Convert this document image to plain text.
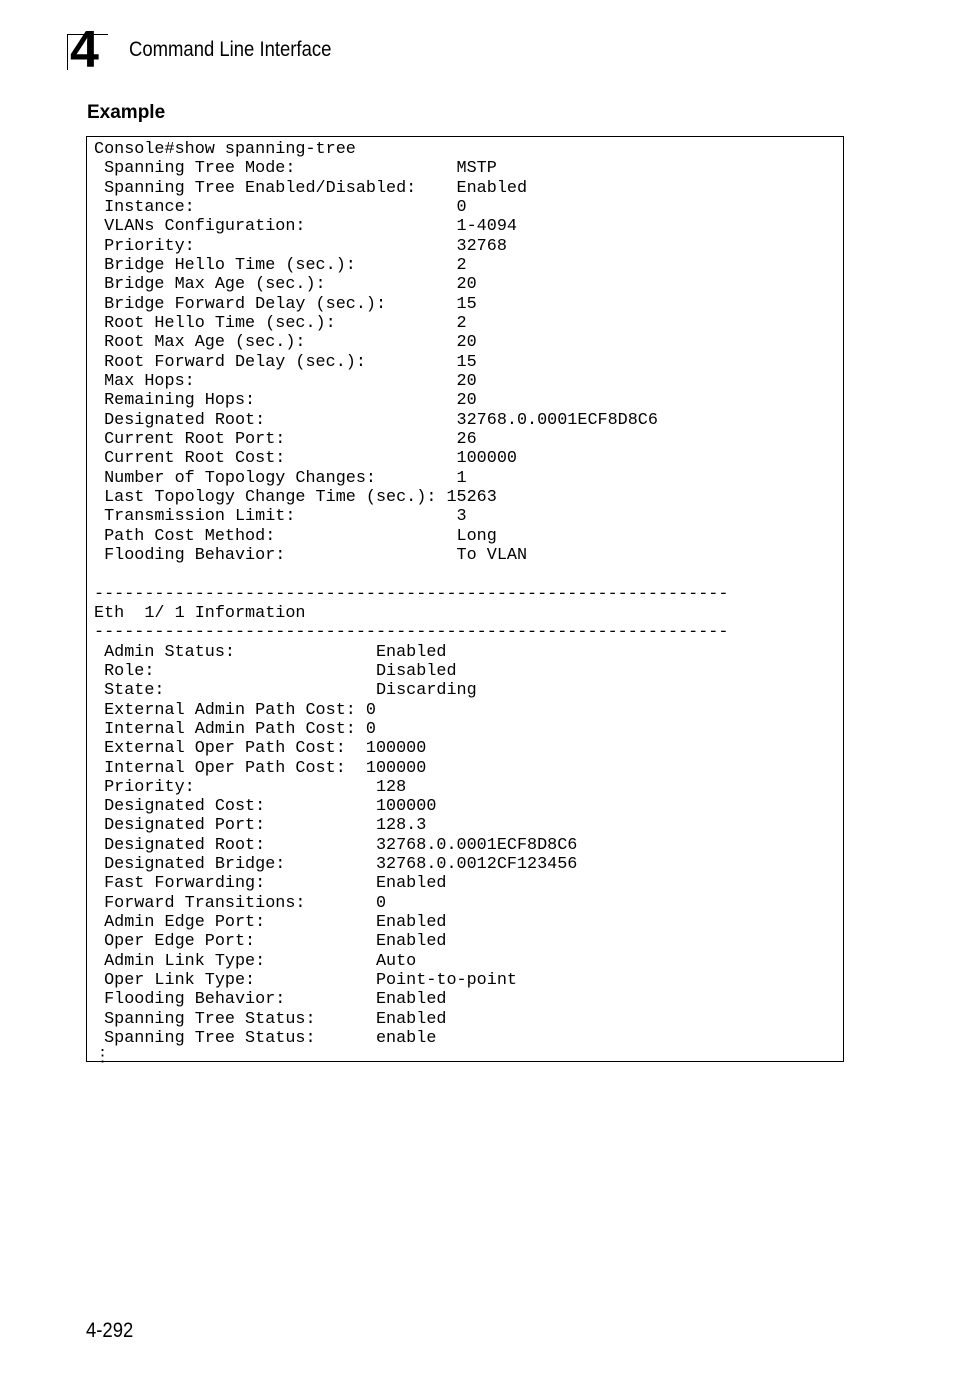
4 Command Line Interface
Example
Console#show spanning-tree
Spanning Tree Mode:                MSTP
Spanning Tree Enabled/Disabled:    Enabled
Instance:                          0
VLANs Configuration:               1-4094
Priority:                          32768
Bridge Hello Time (sec.):          2
Bridge Max Age (sec.):             20
Bridge Forward Delay (sec.):       15
Root Hello Time (sec.):            2
Root Max Age (sec.):               20
Root Forward Delay (sec.):         15
Max Hops:                          20
Remaining Hops:                    20
Designated Root:                   32768.0.0001ECF8D8C6
Current Root Port:                 26
Current Root Cost:                 100000
Number of Topology Changes:        1
Last Topology Change Time (sec.): 15263
Transmission Limit:                3
Path Cost Method:                  Long
Flooding Behavior:                 To VLAN
---------------------------------------------------------------
Eth  1/ 1 Information
---------------------------------------------------------------
Admin Status:              Enabled
Role:                      Disabled
State:                     Discarding
External Admin Path Cost: 0
Internal Admin Path Cost: 0
External Oper Path Cost:  100000
Internal Oper Path Cost:  100000
Priority:                  128
Designated Cost:           100000
Designated Port:           128.3
Designated Root:           32768.0.0001ECF8D8C6
Designated Bridge:         32768.0.0012CF123456
Fast Forwarding:           Enabled
Forward Transitions:       0
Admin Edge Port:           Enabled
Oper Edge Port:            Enabled
Admin Link Type:           Auto
Oper Link Type:            Point-to-point
Flooding Behavior:         Enabled
Spanning Tree Status:      Enabled
Spanning Tree Status:      enable
⋮
4-292
